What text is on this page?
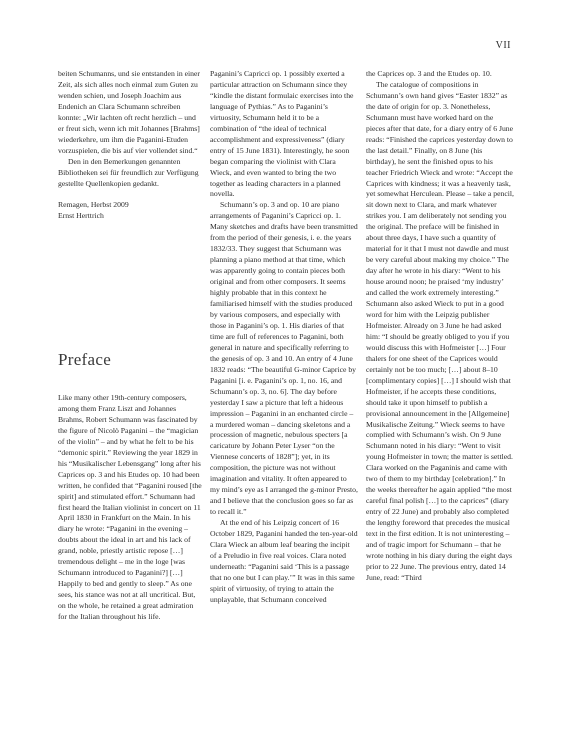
VII

beiten Schumanns, und sie entstanden in einer Zeit, als sich alles noch einmal zum Guten zu wenden schien, und Joseph Joachim aus Endenich an Clara Schumann schreiben konnte: „Wir lachten oft recht herzlich – und er freut sich, wenn ich mit Johannes [Brahms] wiederkehre, um ihm die Paganini-Etuden vorzuspielen, die bis auf vier vollendet sind.“

Den in den Bemerkungen genannten Bibliotheken sei für freundlich zur Verfügung gestellte Quellenkopien gedankt.

Remagen, Herbst 2009

Ernst Herttrich

Preface

Like many other 19th-century composers, among them Franz Liszt and Johannes Brahms, Robert Schumann was fascinated by the figure of Nicolò Paganini – the “magician of the violin” – and by what he felt to be his “demonic spirit.” Reviewing the year 1829 in his “Musikalischer Lebensgang” long after his Caprices op. 3 and his Etudes op. 10 had been written, he confided that “Paganini roused [the spirit] and stimulated effort.” Schumann had first heard the Italian violinist in concert on 11 April 1830 in Frankfurt on the Main. In his diary he wrote: “Paganini in the evening – doubts about the ideal in art and his lack of grand, noble, priestly artistic repose […] tremendous delight – me in the loge [was Schumann introduced to Paganini?] […] Happily to bed and gently to sleep.” As one sees, his stance was not at all uncritical. But, on the whole, he retained a great admiration for the Italian throughout his life.

Paganini’s Capricci op. 1 possibly exerted a particular attraction on Schumann since they “kindle the distant formulaic exercises into the language of Pythias.” As to Paganini’s virtuosity, Schumann held it to be a combination of “the ideal of technical accomplishment and expressiveness” (diary entry of 15 June 1831). Interestingly, he soon began comparing the violinist with Clara Wieck, and even wanted to bring the two together as leading characters in a planned novella.

Schumann’s op. 3 and op. 10 are piano arrangements of Paganini’s Capricci op. 1. Many sketches and drafts have been transmitted from the period of their genesis, i. e. the years 1832/33. They suggest that Schumann was planning a piano method at that time, which was apparently going to contain pieces both original and from other composers. It seems highly probable that in this context he familiarised himself with the studies produced by various composers, and especially with those in Paganini’s op. 1. His diaries of that time are full of references to Paganini, both general in nature and specifically referring to the genesis of op. 3 and 10. An entry of 4 June 1832 reads: “The beautiful G-minor Caprice by Paganini [i. e. Paganini’s op. 1, no. 16, and Schumann’s op. 3, no. 6]. The day before yesterday I saw a picture that left a hideous impression – Paganini in an enchanted circle – a murdered woman – dancing skeletons and a procession of magnetic, nebulous specters [a caricature by Johann Peter Lyser “on the Viennese concerts of 1828”]; yet, in its composition, the picture was not without imagination and vitality. It often appeared to my mind’s eye as I arranged the g-minor Presto, and I believe that the conclusion goes so far as to recall it.”

At the end of his Leipzig concert of 16 October 1829, Paganini handed the ten-year-old Clara Wieck an album leaf bearing the incipit of a Preludio in five real voices. Clara noted underneath: “Paganini said ‘This is a passage that no one but I can play.’” It was in this same spirit of virtuosity, of trying to attain the unplayable, that Schumann conceived

the Caprices op. 3 and the Etudes op. 10.

The catalogue of compositions in Schumann’s own hand gives “Easter 1832” as the date of origin for op. 3. Nonetheless, Schumann must have worked hard on the pieces after that date, for a diary entry of 6 June reads: “Finished the caprices yesterday down to the last detail.” Finally, on 8 June (his birthday), he sent the finished opus to his teacher Friedrich Wieck and wrote: “Accept the Caprices with kindness; it was a heavenly task, yet somewhat Herculean. Please – take a pencil, sit down next to Clara, and mark whatever strikes you. I am deliberately not sending you the original. The preface will be finished in about three days, I have such a quantity of material for it that I must not dawdle and must be very careful about making my choice.” The day after he wrote in his diary: “Went to his house around noon; he praised ‘my industry’ and called the work extremely interesting.” Schumann also asked Wieck to put in a good word for him with the Leipzig publisher Hofmeister. Already on 3 June he had asked him: “I should be greatly obliged to you if you would discuss this with Hofmeister […] Four thalers for one sheet of the Caprices would certainly not be too much; […] about 8–10 [complimentary copies] […] I should wish that Hofmeister, if he accepts these conditions, should take it upon himself to publish a provisional announcement in the [Allgemeine] Musikalische Zeitung.” Wieck seems to have complied with Schumann’s wish. On 9 June Schumann noted in his diary: “Went to visit young Hofmeister in town; the matter is settled. Clara worked on the Paganinis and came with two of them to my birthday [celebration].” In the weeks thereafter he again applied “the most careful final polish […] to the caprices” (diary entry of 22 June) and probably also completed the lengthy foreword that precedes the musical text in the first edition. It is not uninteresting – and of tragic import for Schumann – that he wrote nothing in his diary during the eight days prior to 22 June. The previous entry, dated 14 June, read: “Third
